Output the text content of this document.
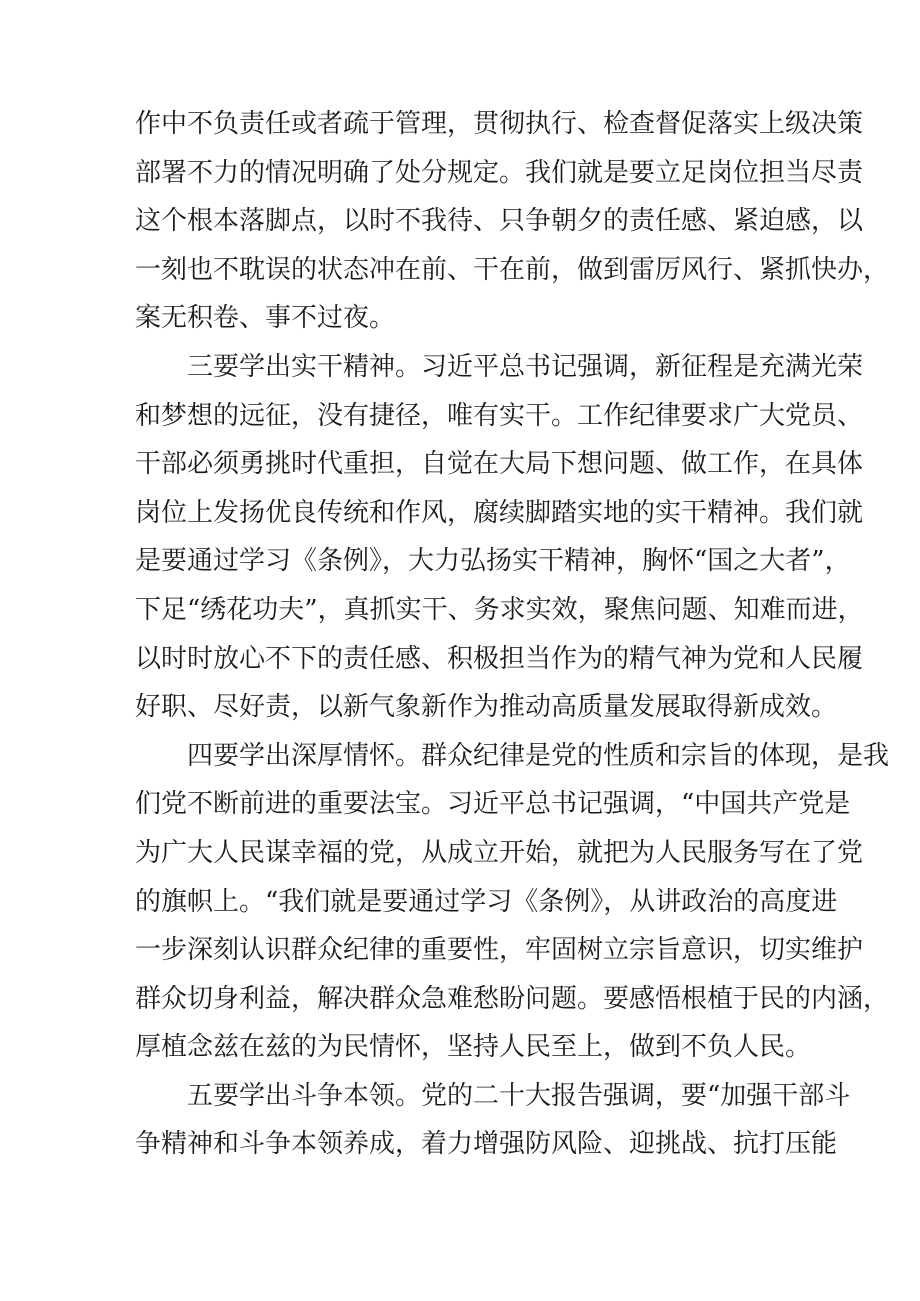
作中不负责任或者疏于管理，贯彻执行、检查督促落实上级决策
部署不力的情况明确了处分规定。我们就是要立足岗位担当尽责
这个根本落脚点，以时不我待、只争朝夕的责任感、紧迫感，以
一刻也不耽误的状态冲在前、干在前，做到雷厉风行、紧抓快办，
案无积卷、事不过夜。
三要学出实干精神。习近平总书记强调，新征程是充满光荣
和梦想的远征，没有捷径，唯有实干。工作纪律要求广大党员、
干部必须勇挑时代重担，自觉在大局下想问题、做工作，在具体
岗位上发扬优良传统和作风，腐续脚踏实地的实干精神。我们就
是要通过学习《条例》，大力弘扬实干精神，胸怀“国之大者”，
下足“绣花功夫”，真抓实干、务求实效，聚焦问题、知难而进，
以时时放心不下的责任感、积极担当作为的精气神为党和人民履
好职、尽好责，以新气象新作为推动高质量发展取得新成效。
四要学出深厚情怀。群众纪律是党的性质和宗旨的体现，是我
们党不断前进的重要法宝。习近平总书记强调，“中国共产党是
为广大人民谋幸福的党，从成立开始，就把为人民服务写在了党
的旗帜上。“我们就是要通过学习《条例》，从讲政治的高度进
一步深刻认识群众纪律的重要性，牢固树立宗旨意识，切实维护
群众切身利益，解决群众急难愁盼问题。要感悟根植于民的内涵，
厚植念兹在兹的为民情怀，坚持人民至上，做到不负人民。
五要学出斗争本领。党的二十大报告强调，要“加强干部斗
争精神和斗争本领养成，着力增强防风险、迎挑战、抗打压能
